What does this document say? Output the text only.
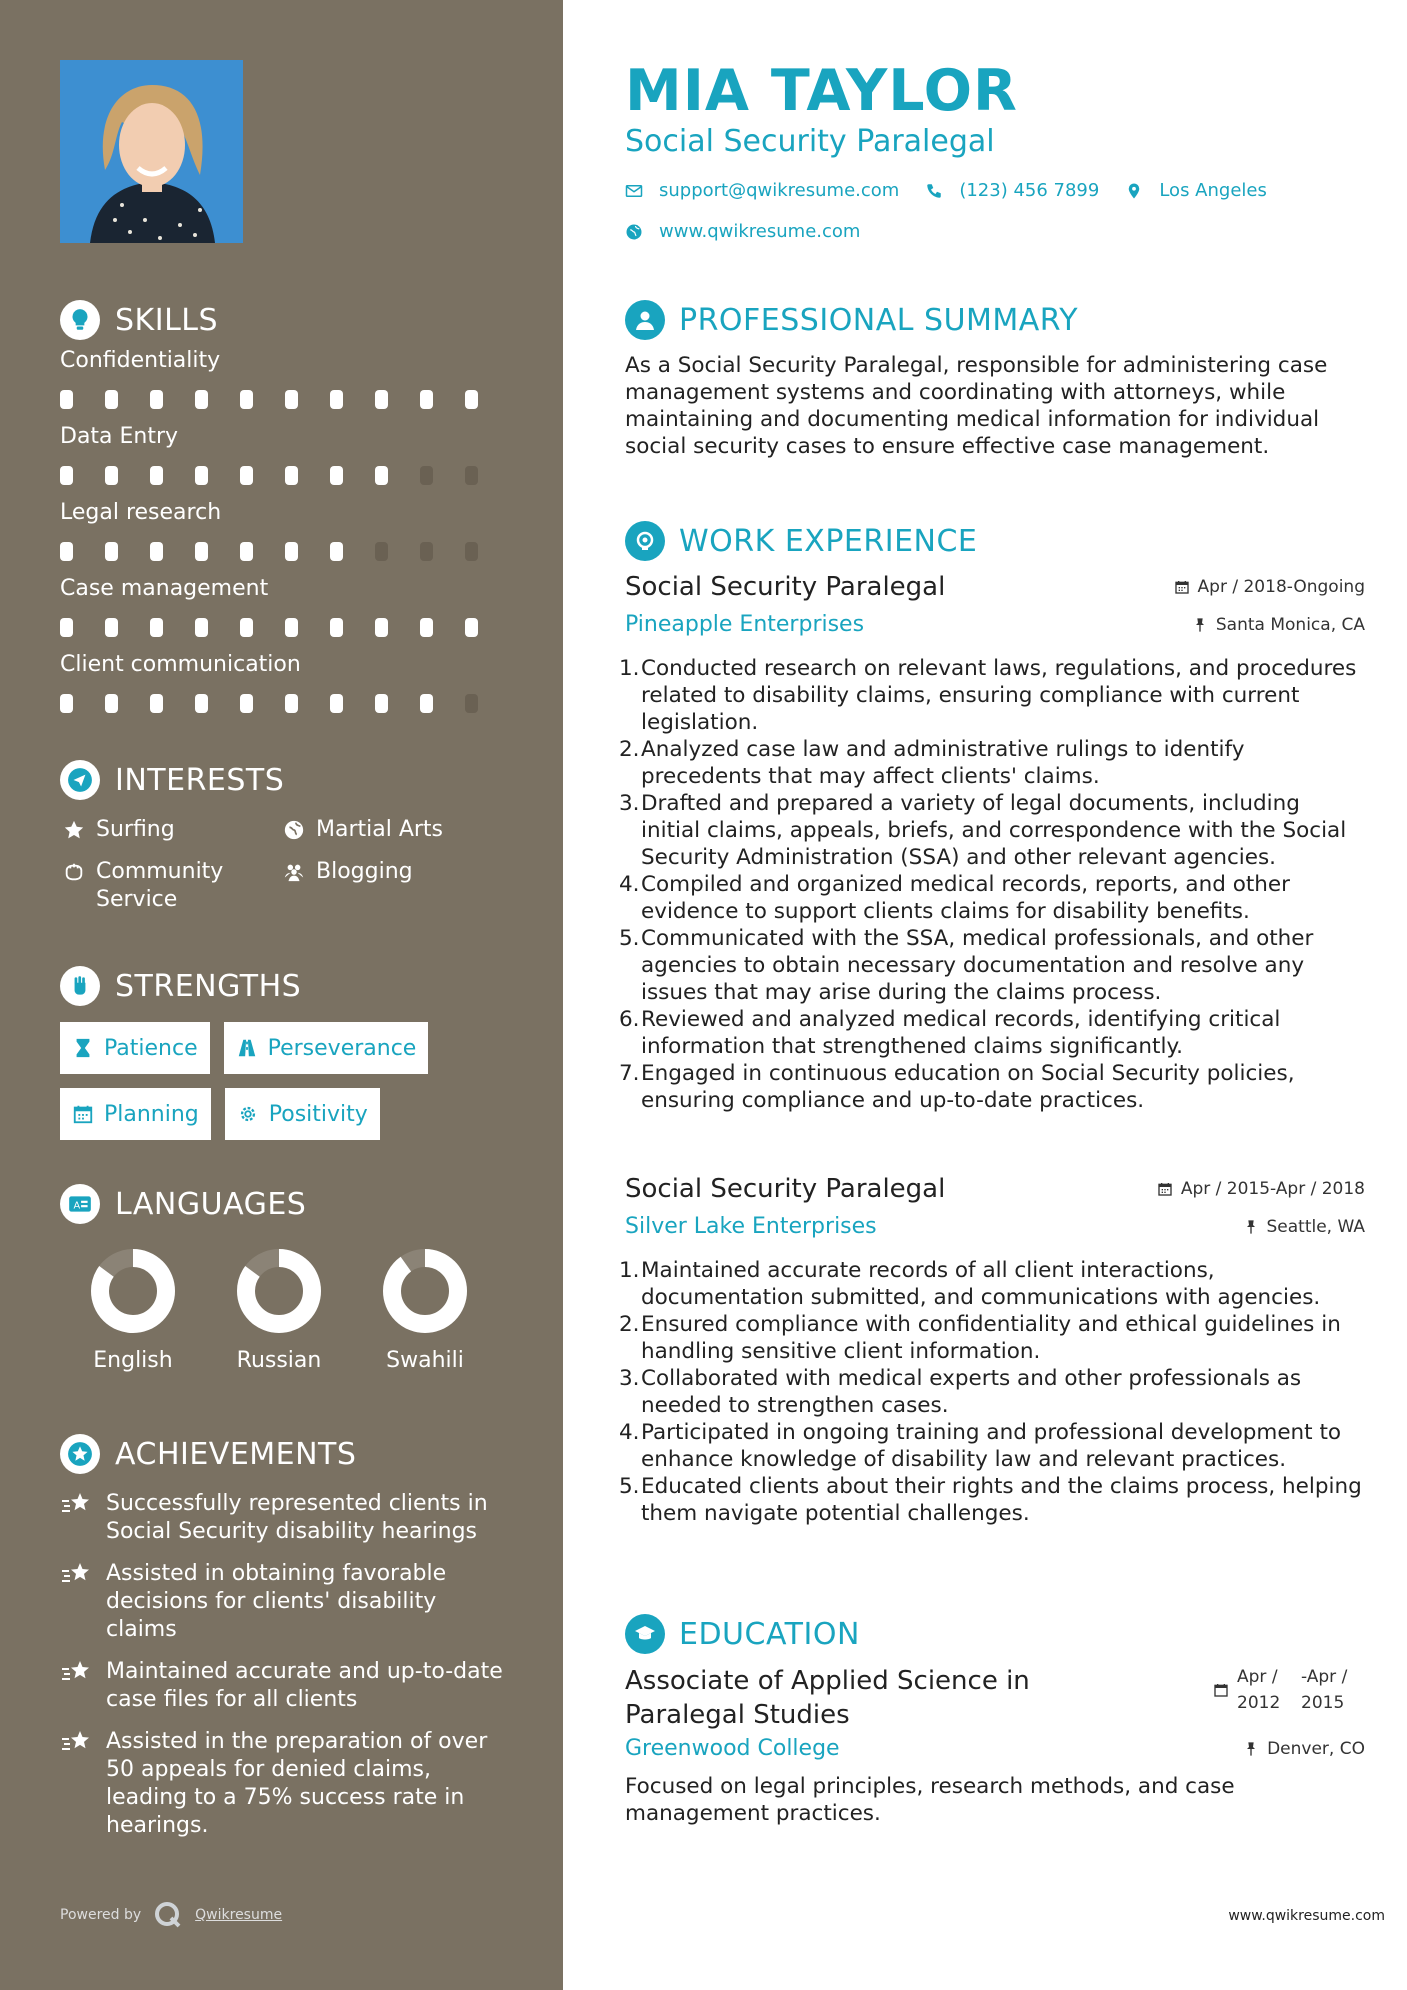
SKILLS
Confidentiality
Data Entry
Legal research
Case management
Client communication
INTERESTS
Surfing	Martial Arts
Community Service
Blogging
STRENGTHS
Patience	Perseverance
Planning	Positivity
A LANGUAGES
English	Russian	Swahili
ACHIEVEMENTS
Successfully represented clients in Social Security disability hearings
Assisted in obtaining favorable decisions for clients' disability claims
Maintained accurate and up-to-date case files for all clients
Assisted in the preparation of over 50 appeals for denied claims, leading to a 75% success rate in hearings.
Powered by	Qwikresume
MIA TAYLOR
Social Security Paralegal
support@qwikresume.com	(123) 456 7899	Los Angeles
www.qwikresume.com
PROFESSIONAL SUMMARY
As a Social Security Paralegal, responsible for administering case management systems and coordinating with attorneys, while maintaining and documenting medical information for individual social security cases to ensure effective case management.
WORK EXPERIENCE
Social Security Paralegal	Apr / 2018-Ongoing
Pineapple Enterprises	Santa Monica, CA
1. Conducted research on relevant laws, regulations, and procedures related to disability claims, ensuring compliance with current legislation.
2. Analyzed case law and administrative rulings to identify precedents that may affect clients' claims.
3. Drafted and prepared a variety of legal documents, including initial claims, appeals, briefs, and correspondence with the Social Security Administration (SSA) and other relevant agencies.
4. Compiled and organized medical records, reports, and other evidence to support clients claims for disability benefits.
5. Communicated with the SSA, medical professionals, and other agencies to obtain necessary documentation and resolve any issues that may arise during the claims process.
6. Reviewed and analyzed medical records, identifying critical information that strengthened claims significantly.
7. Engaged in continuous education on Social Security policies, ensuring compliance and up-to-date practices.
Social Security Paralegal	Apr / 2015-Apr / 2018
Silver Lake Enterprises	Seattle, WA
1. Maintained accurate records of all client interactions, documentation submitted, and communications with agencies.
2. Ensured compliance with confidentiality and ethical guidelines in handling sensitive client information.
3. Collaborated with medical experts and other professionals as needed to strengthen cases.
4. Participated in ongoing training and professional development to enhance knowledge of disability law and relevant practices.
5. Educated clients about their rights and the claims process, helping them navigate potential challenges.
EDUCATION
Associate of Applied Science in
Paralegal Studies
Apr /
2012
-Apr /
2015
Greenwood College	Denver, CO
Focused on legal principles, research methods, and case management practices.
www.qwikresume.com
